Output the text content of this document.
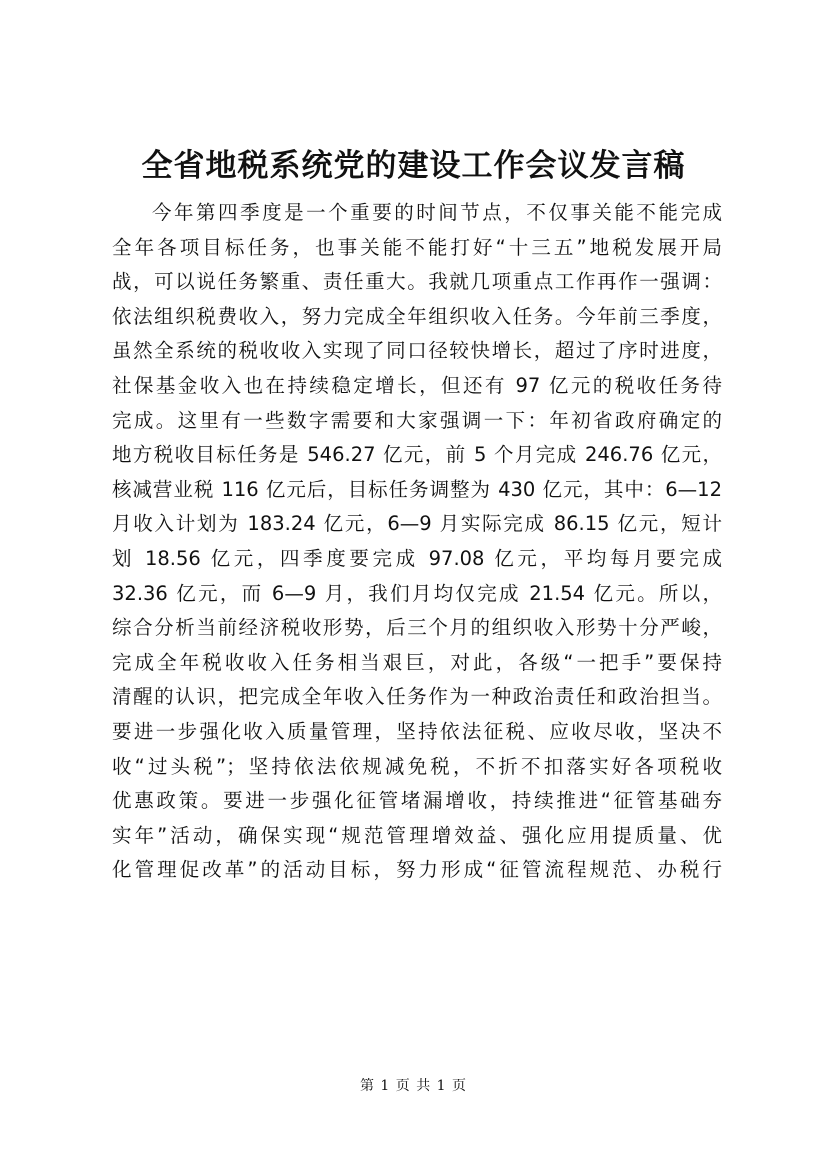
全省地税系统党的建设工作会议发言稿
今年第四季度是一个重要的时间节点，不仅事关能不能完成
全年各项目标任务，也事关能不能打好“十三五”地税发展开局
战，可以说任务繁重、责任重大。我就几项重点工作再作一强调：
依法组织税费收入，努力完成全年组织收入任务。今年前三季度，
虽然全系统的税收收入实现了同口径较快增长，超过了序时进度，
社保基金收入也在持续稳定增长，但还有 97 亿元的税收任务待
完成。这里有一些数字需要和大家强调一下：年初省政府确定的
地方税收目标任务是 546.27 亿元，前 5 个月完成 246.76 亿元，
核减营业税 116 亿元后，目标任务调整为 430 亿元，其中：6—12
月收入计划为 183.24 亿元，6—9 月实际完成 86.15 亿元，短计
划 18.56 亿元，四季度要完成 97.08 亿元，平均每月要完成
32.36 亿元，而 6—9 月，我们月均仅完成 21.54 亿元。所以，
综合分析当前经济税收形势，后三个月的组织收入形势十分严峻，
完成全年税收收入任务相当艰巨，对此，各级“一把手”要保持
清醒的认识，把完成全年收入任务作为一种政治责任和政治担当。
要进一步强化收入质量管理，坚持依法征税、应收尽收，坚决不
收“过头税”；坚持依法依规减免税，不折不扣落实好各项税收
优惠政策。要进一步强化征管堵漏增收，持续推进“征管基础夯
实年”活动，确保实现“规范管理增效益、强化应用提质量、优
化管理促改革”的活动目标，努力形成“征管流程规范、办税行
第 1 页 共 1 页
